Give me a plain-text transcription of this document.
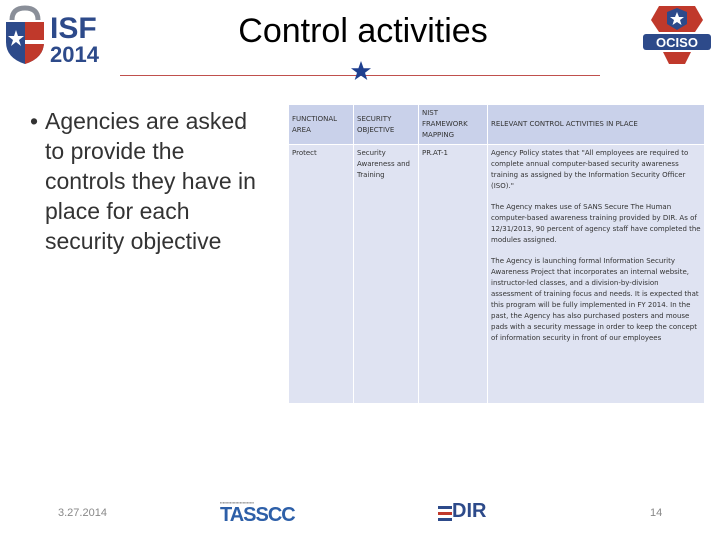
ISF
2014
Control activities	OCISO
• Agencies are asked to provide the controls they have in place for each security objective
FUNCTIONAL AREA	SECURITY OBJECTIVE	NIST FRAMEWORK MAPPING	RELEVANT CONTROL ACTIVITIES IN PLACE
Protect	Security Awareness and Training	PR.AT-1	Agency Policy states that "All employees are required to complete annual computer-based security awareness training as assigned by the Information Security Officer (ISO)."

The Agency makes use of SANS Secure The Human computer-based awareness training provided by DIR. As of 12/31/2013, 90 percent of agency staff have completed the modules assigned.

The Agency is launching formal Information Security Awareness Project that incorporates an internal website, instructor-led classes, and a division-by-division assessment of training focus and needs. It is expected that this program will be fully implemented in FY 2014. In the past, the Agency has also purchased posters and mouse pads with a security message in order to keep the concept of information security in front of our employees

3.27.2014
▪▪▪▪▪▪▪▪▪▪▪▪▪▪▪▪▪▪▪▪▪▪▪▪
TASSCC	DIR	14
